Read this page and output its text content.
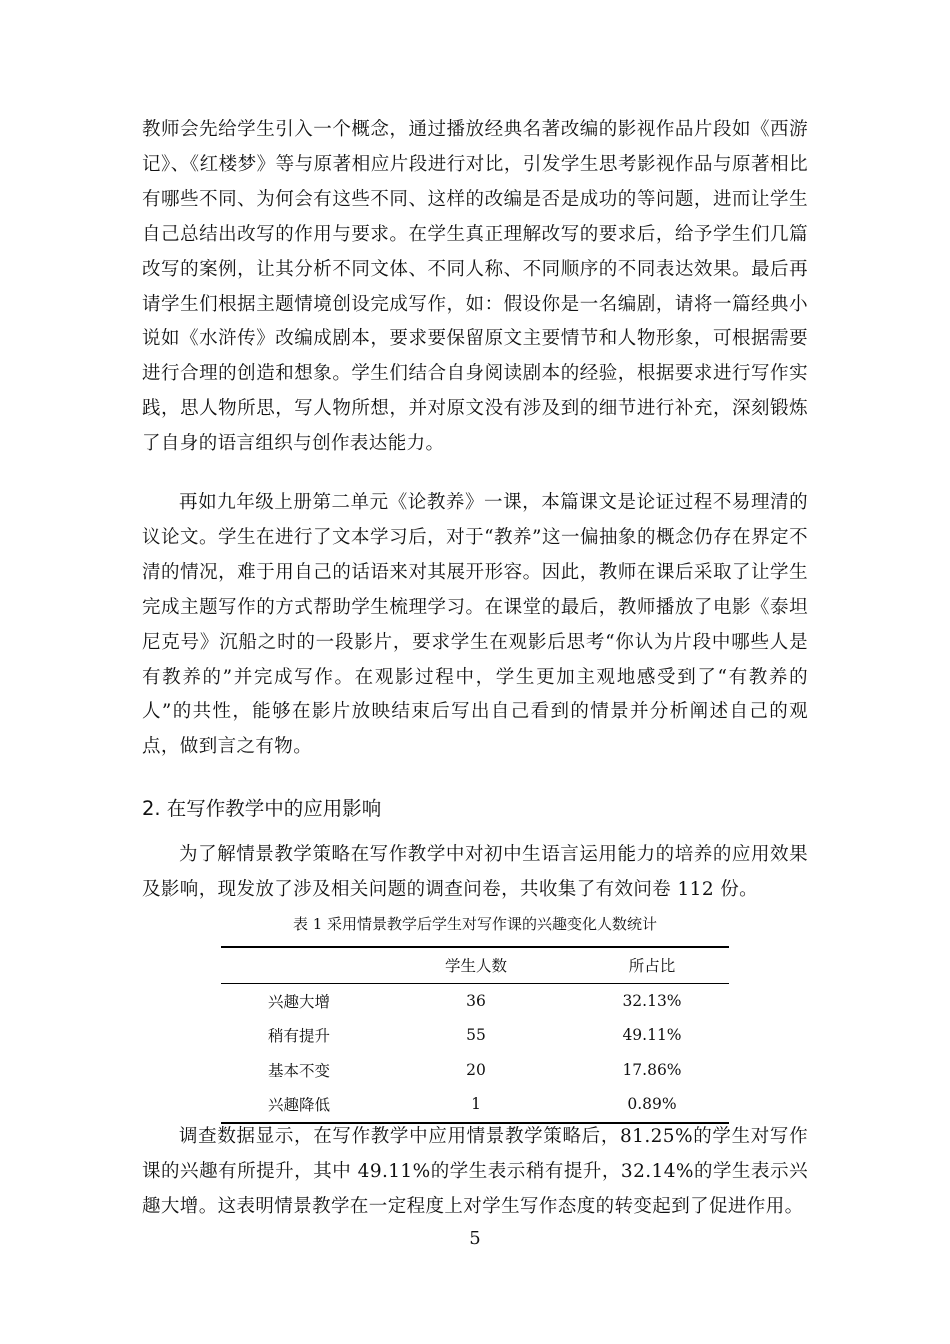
教师会先给学生引入一个概念，通过播放经典名著改编的影视作品片段如《西游记》、《红楼梦》等与原著相应片段进行对比，引发学生思考影视作品与原著相比有哪些不同、为何会有这些不同、这样的改编是否是成功的等问题，进而让学生自己总结出改写的作用与要求。在学生真正理解改写的要求后，给予学生们几篇改写的案例，让其分析不同文体、不同人称、不同顺序的不同表达效果。最后再请学生们根据主题情境创设完成写作，如：假设你是一名编剧，请将一篇经典小说如《水浒传》改编成剧本，要求要保留原文主要情节和人物形象，可根据需要进行合理的创造和想象。学生们结合自身阅读剧本的经验，根据要求进行写作实践，思人物所思，写人物所想，并对原文没有涉及到的细节进行补充，深刻锻炼了自身的语言组织与创作表达能力。

再如九年级上册第二单元《论教养》一课，本篇课文是论证过程不易理清的议论文。学生在进行了文本学习后，对于“教养”这一偏抽象的概念仍存在界定不清的情况，难于用自己的话语来对其展开形容。因此，教师在课后采取了让学生完成主题写作的方式帮助学生梳理学习。在课堂的最后，教师播放了电影《泰坦尼克号》沉船之时的一段影片，要求学生在观影后思考“你认为片段中哪些人是有教养的”并完成写作。在观影过程中，学生更加主观地感受到了“有教养的人”的共性，能够在影片放映结束后写出自己看到的情景并分析阐述自己的观点，做到言之有物。

2. 在写作教学中的应用影响

为了解情景教学策略在写作教学中对初中生语言运用能力的培养的应用效果及影响，现发放了涉及相关问题的调查问卷，共收集了有效问卷 112 份。

表 1 采用情景教学后学生对写作课的兴趣变化人数统计

	学生人数	所占比
兴趣大增	36	32.13%
稍有提升	55	49.11%
基本不变	20	17.86%
兴趣降低	1	0.89%

调查数据显示，在写作教学中应用情景教学策略后，81.25%的学生对写作课的兴趣有所提升，其中 49.11%的学生表示稍有提升，32.14%的学生表示兴趣大增。这表明情景教学在一定程度上对学生写作态度的转变起到了促进作用。

5
